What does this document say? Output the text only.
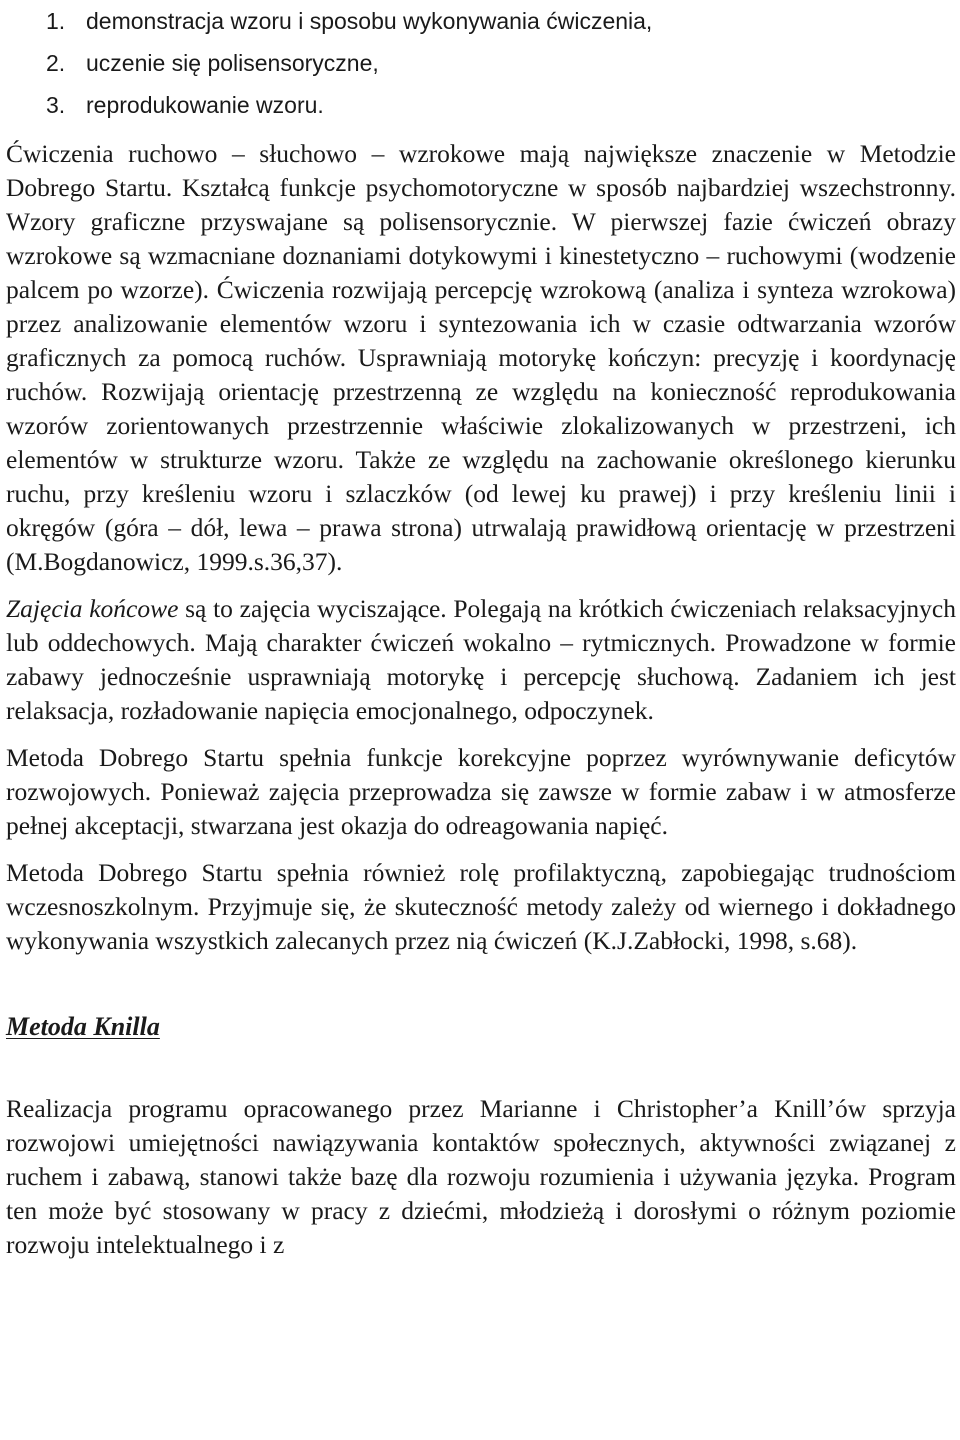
1. demonstracja wzoru i sposobu wykonywania ćwiczenia,
2. uczenie się polisensoryczne,
3. reprodukowanie wzoru.

Ćwiczenia ruchowo – słuchowo – wzrokowe mają największe znaczenie w Metodzie Dobrego Startu. Kształcą funkcje psychomotoryczne w sposób najbardziej wszechstronny. Wzory graficzne przyswajane są polisensorycznie. W pierwszej fazie ćwiczeń obrazy wzrokowe są wzmacniane doznaniami dotykowymi i kinestetyczno – ruchowymi (wodzenie palcem po wzorze). Ćwiczenia rozwijają percepcję wzrokową (analiza i synteza wzrokowa) przez analizowanie elementów wzoru i syntezowania ich w czasie odtwarzania wzorów graficznych za pomocą ruchów. Usprawniają motorykę kończyn: precyzję i koordynację ruchów. Rozwijają orientację przestrzenną ze względu na konieczność reprodukowania wzorów zorientowanych przestrzennie właściwie zlokalizowanych w przestrzeni, ich elementów w strukturze wzoru. Także ze względu na zachowanie określonego kierunku ruchu, przy kreśleniu wzoru i szlaczków (od lewej ku prawej) i przy kreśleniu linii i okręgów (góra – dół, lewa – prawa strona) utrwalają prawidłową orientację w przestrzeni (M.Bogdanowicz, 1999.s.36,37).

Zajęcia końcowe są to zajęcia wyciszające. Polegają na krótkich ćwiczeniach relaksacyjnych lub oddechowych. Mają charakter ćwiczeń wokalno – rytmicznych. Prowadzone w formie zabawy jednocześnie usprawniają motorykę i percepcję słuchową. Zadaniem ich jest relaksacja, rozładowanie napięcia emocjonalnego, odpoczynek.

Metoda Dobrego Startu spełnia funkcje korekcyjne poprzez wyrównywanie deficytów rozwojowych. Ponieważ zajęcia przeprowadza się zawsze w formie zabaw i w atmosferze pełnej akceptacji, stwarzana jest okazja do odreagowania napięć.

Metoda Dobrego Startu spełnia również rolę profilaktyczną, zapobiegając trudnościom wczesnoszkolnym. Przyjmuje się, że skuteczność metody zależy od wiernego i dokładnego wykonywania wszystkich zalecanych przez nią ćwiczeń (K.J.Zabłocki, 1998, s.68).

Metoda Knilla

Realizacja programu opracowanego przez Marianne i Christopher’a Knill’ów sprzyja rozwojowi umiejętności nawiązywania kontaktów społecznych, aktywności związanej z ruchem i zabawą, stanowi także bazę dla rozwoju rozumienia i używania języka. Program ten może być stosowany w pracy z dziećmi, młodzieżą i dorosłymi o różnym poziomie rozwoju intelektualnego i z
